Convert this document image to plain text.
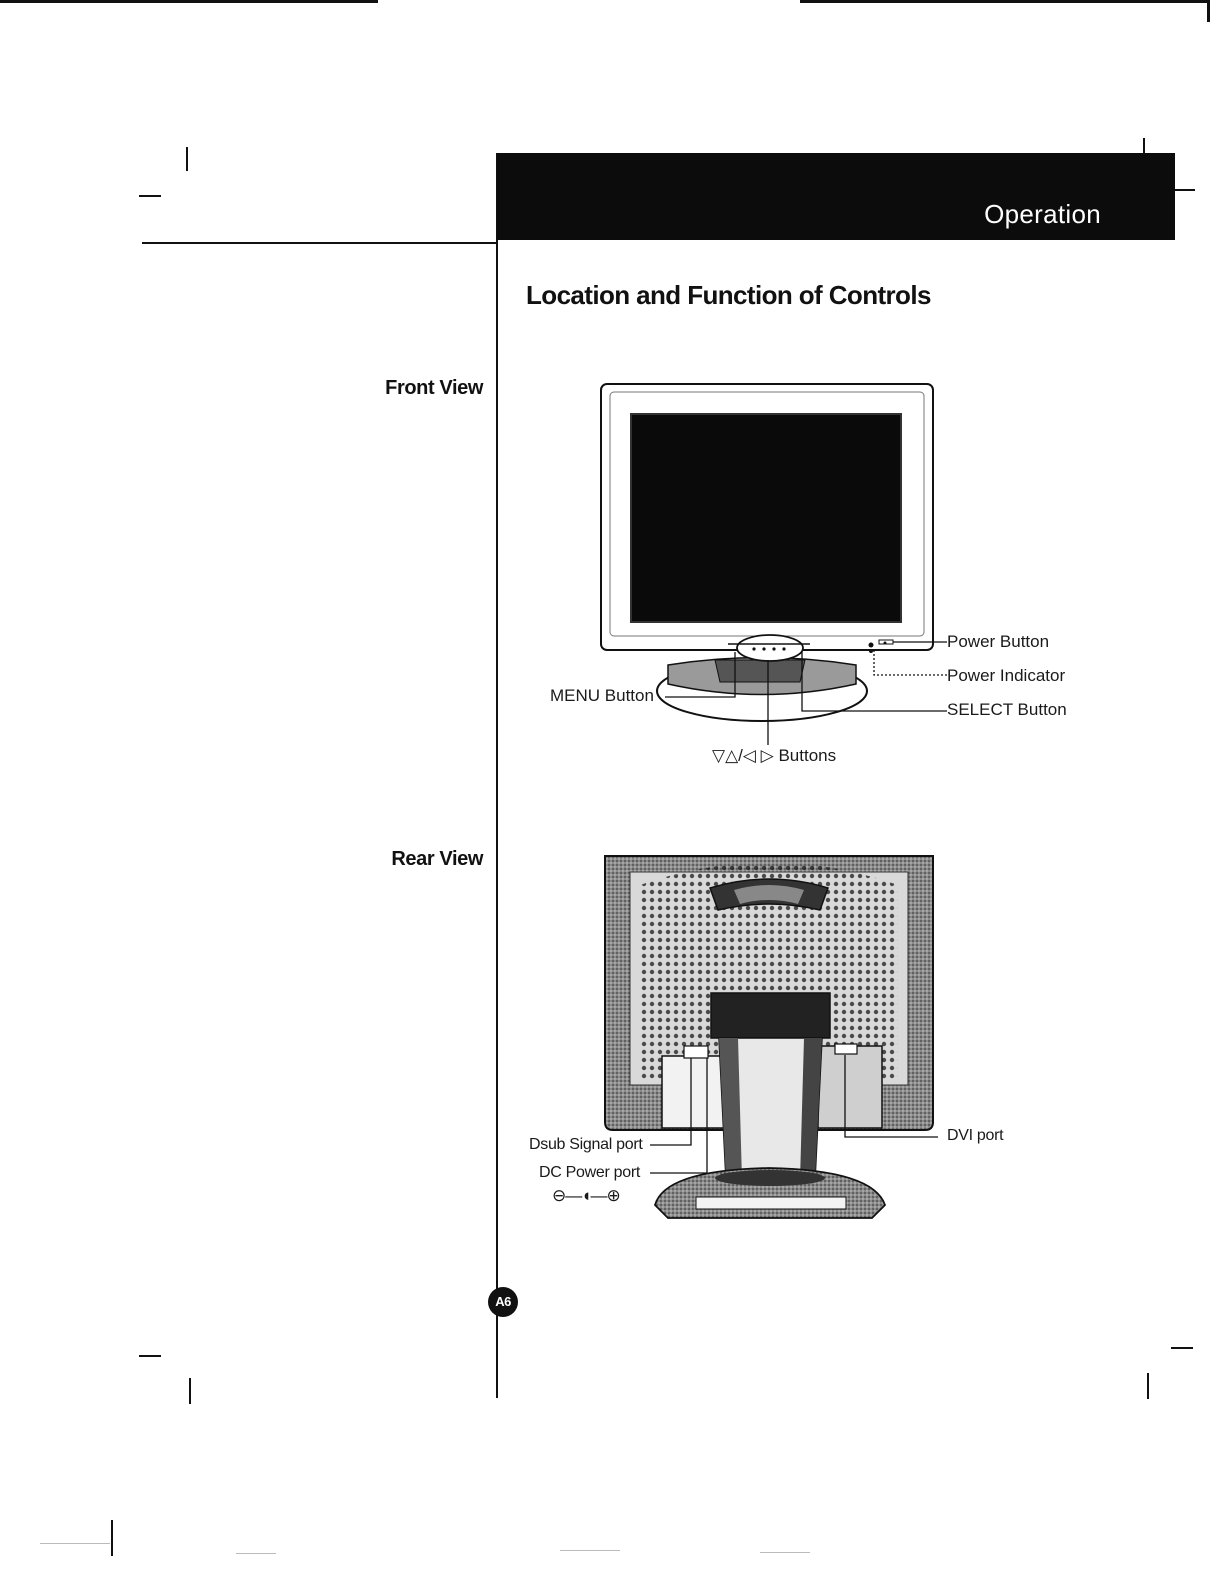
Operation
Location and Function of Controls
Front View
Rear View
Power Button
Power Indicator
SELECT Button
MENU Button
▽△/◁ ▷ Buttons
Dsub Signal port
DC Power port
⊖—◖—⊕
DVI port
A6
